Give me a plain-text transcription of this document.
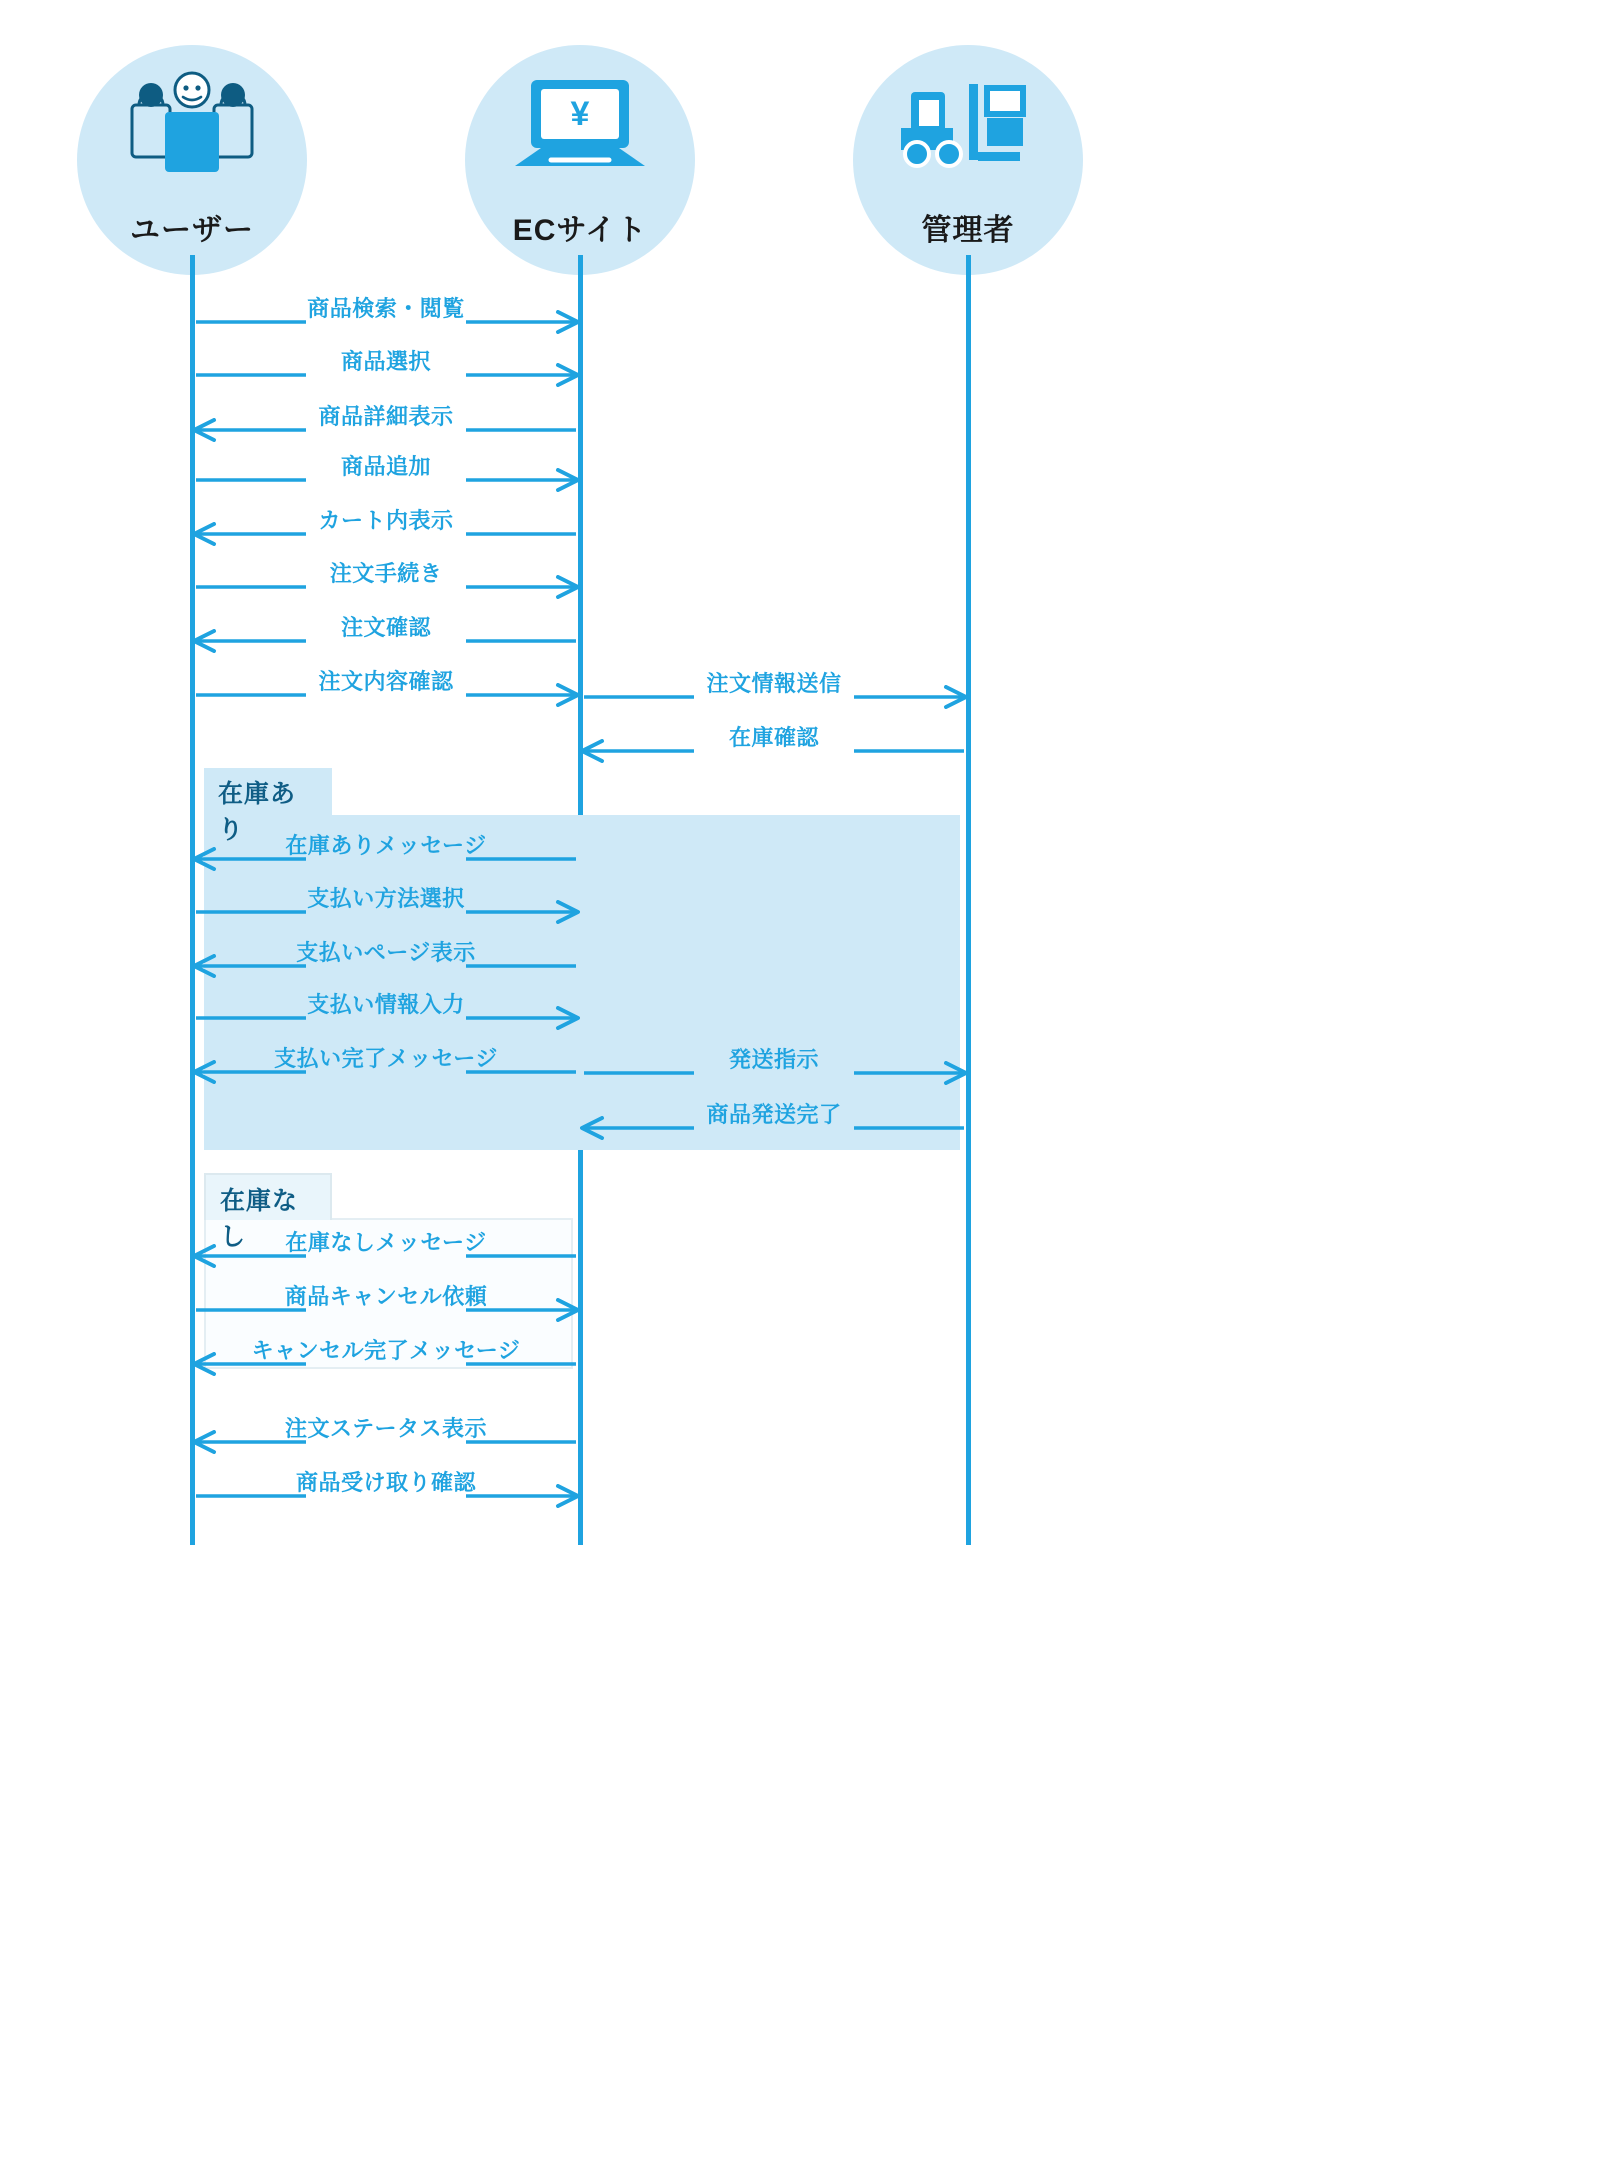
ユーザー
¥
ECサイト	管理者
在庫あり
在庫なし
商品検索・閲覧
商品選択
商品詳細表示
商品追加
カート内表示
注文手続き
注文確認
注文内容確認	注文情報送信
在庫確認
在庫ありメッセージ
支払い方法選択
支払いページ表示
支払い情報入力
支払い完了メッセージ	発送指示
商品発送完了
在庫なしメッセージ
商品キャンセル依頼
キャンセル完了メッセージ
注文ステータス表示
商品受け取り確認
